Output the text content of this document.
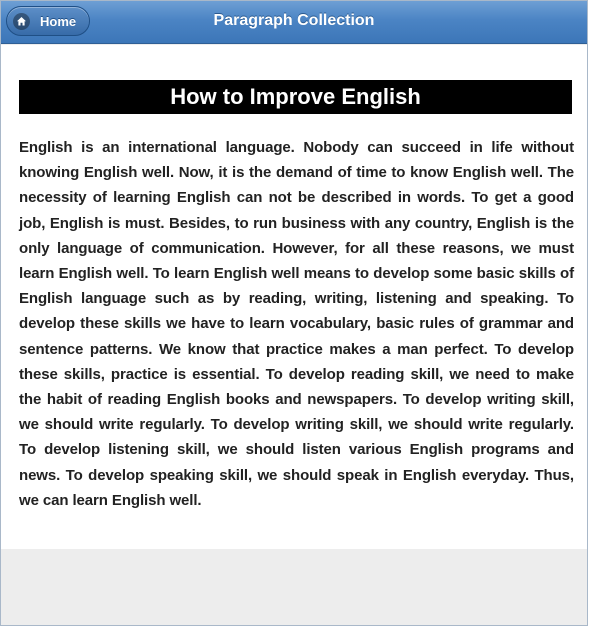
Home	Paragraph Collection
How to Improve English

English is an international language. Nobody can succeed in life without knowing English well. Now, it is the demand of time to know English well. The necessity of learning English can not be described in words. To get a good job, English is must. Besides, to run business with any country, English is the only language of communication. However, for all these reasons, we must learn English well. To learn English well means to develop some basic skills of English language such as by reading, writing, listening and speaking. To develop these skills we have to learn vocabulary, basic rules of grammar and sentence patterns. We know that practice makes a man perfect. To develop these skills, practice is essential. To develop reading skill, we need to make the habit of reading English books and newspapers. To develop writing skill, we should write regularly. To develop writing skill, we should write regularly. To develop listening skill, we should listen various English programs and news. To develop speaking skill, we should speak in English everyday. Thus, we can learn English well.
